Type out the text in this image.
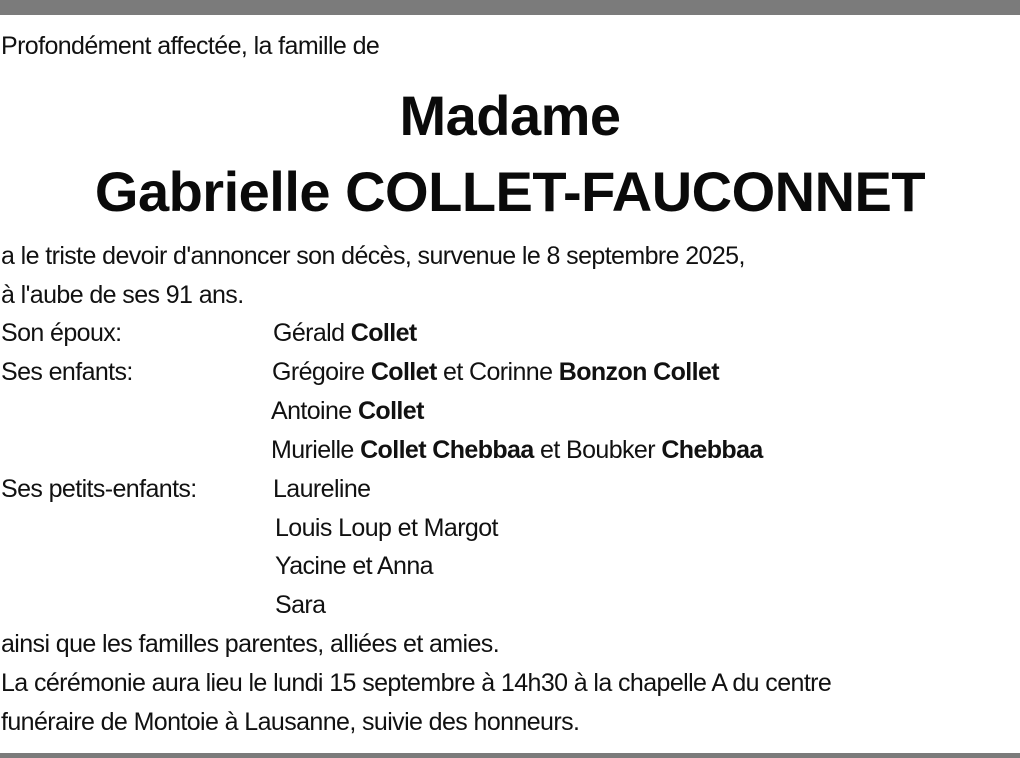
Profondément affectée, la famille de
Madame
Gabrielle COLLET-FAUCONNET
a le triste devoir d'annoncer son décès, survenue le 8 septembre 2025,
à l'aube de ses 91 ans.
Son époux:	Gérald Collet
Ses enfants:	Grégoire Collet et Corinne Bonzon Collet
Antoine Collet
Murielle Collet Chebbaa et Boubker Chebbaa
Ses petits-enfants:	Laureline
Louis Loup et Margot
Yacine et Anna
Sara
ainsi que les familles parentes, alliées et amies.
La cérémonie aura lieu le lundi 15 septembre à 14h30 à la chapelle A du centre
funéraire de Montoie à Lausanne, suivie des honneurs.
